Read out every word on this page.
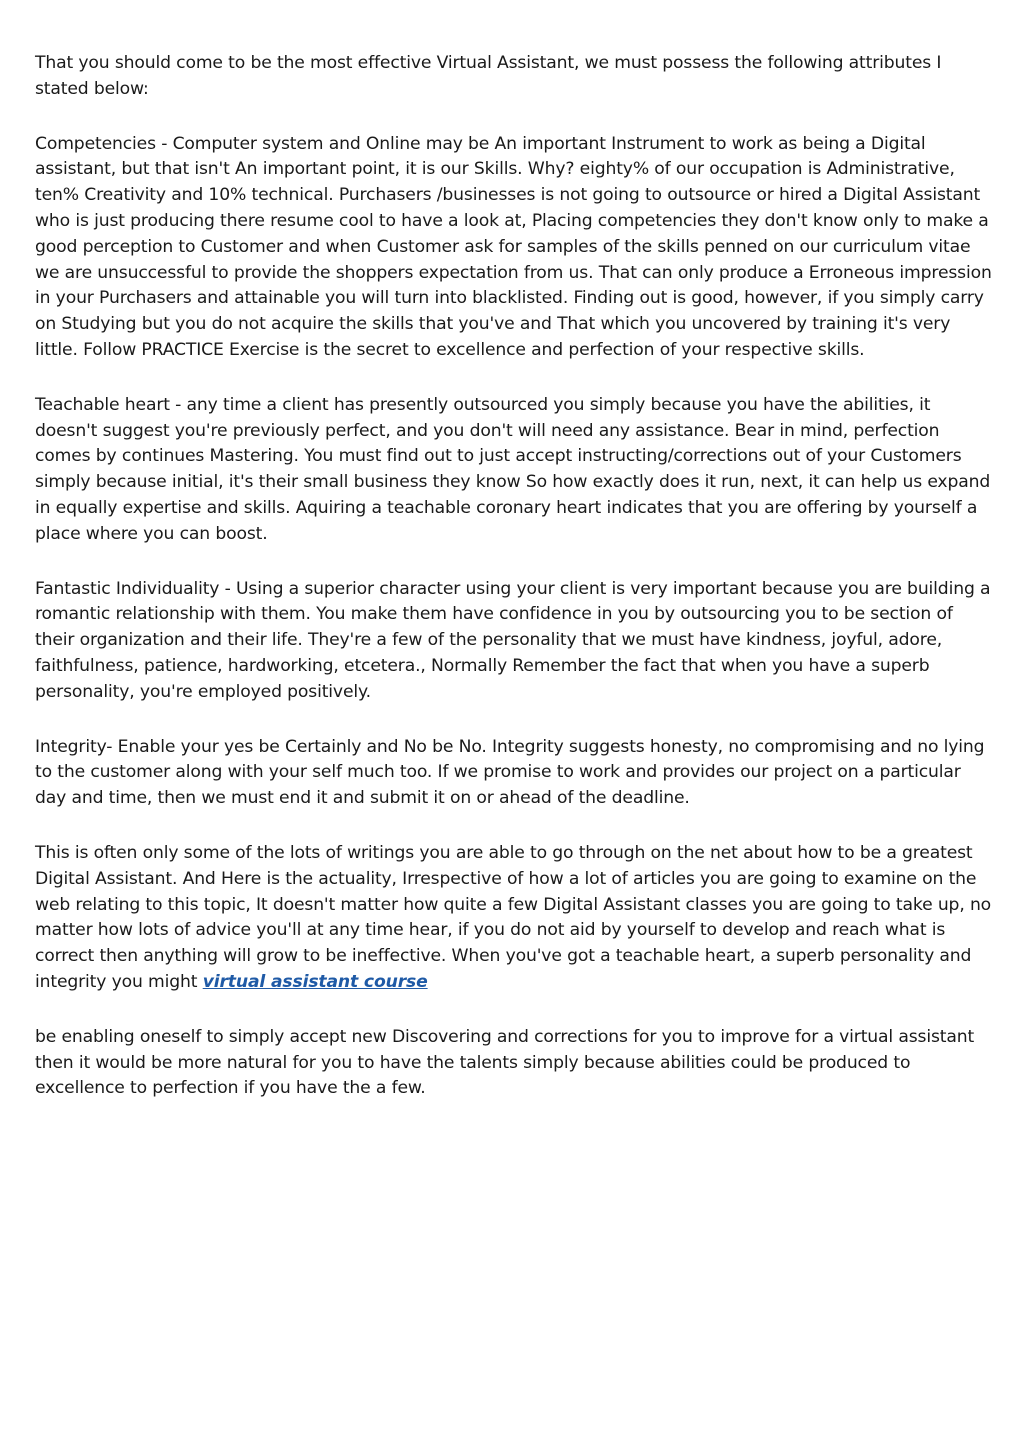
That you should come to be the most effective Virtual Assistant, we must possess the following attributes I stated below:

Competencies - Computer system and Online may be An important Instrument to work as being a Digital assistant, but that isn't An important point, it is our Skills. Why? eighty% of our occupation is Administrative, ten% Creativity and 10% technical. Purchasers /businesses is not going to outsource or hired a Digital Assistant who is just producing there resume cool to have a look at, Placing competencies they don't know only to make a good perception to Customer and when Customer ask for samples of the skills penned on our curriculum vitae we are unsuccessful to provide the shoppers expectation from us. That can only produce a Erroneous impression in your Purchasers and attainable you will turn into blacklisted. Finding out is good, however, if you simply carry on Studying but you do not acquire the skills that you've and That which you uncovered by training it's very little. Follow PRACTICE Exercise is the secret to excellence and perfection of your respective skills.

Teachable heart - any time a client has presently outsourced you simply because you have the abilities, it doesn't suggest you're previously perfect, and you don't will need any assistance. Bear in mind, perfection comes by continues Mastering. You must find out to just accept instructing/corrections out of your Customers simply because initial, it's their small business they know So how exactly does it run, next, it can help us expand in equally expertise and skills. Aquiring a teachable coronary heart indicates that you are offering by yourself a place where you can boost.

Fantastic Individuality - Using a superior character using your client is very important because you are building a romantic relationship with them. You make them have confidence in you by outsourcing you to be section of their organization and their life. They're a few of the personality that we must have kindness, joyful, adore, faithfulness, patience, hardworking, etcetera., Normally Remember the fact that when you have a superb personality, you're employed positively.

Integrity- Enable your yes be Certainly and No be No. Integrity suggests honesty, no compromising and no lying to the customer along with your self much too. If we promise to work and provides our project on a particular day and time, then we must end it and submit it on or ahead of the deadline.

This is often only some of the lots of writings you are able to go through on the net about how to be a greatest Digital Assistant. And Here is the actuality, Irrespective of how a lot of articles you are going to examine on the web relating to this topic, It doesn't matter how quite a few Digital Assistant classes you are going to take up, no matter how lots of advice you'll at any time hear, if you do not aid by yourself to develop and reach what is correct then anything will grow to be ineffective. When you've got a teachable heart, a superb personality and integrity you might virtual assistant course

be enabling oneself to simply accept new Discovering and corrections for you to improve for a virtual assistant then it would be more natural for you to have the talents simply because abilities could be produced to excellence to perfection if you have the a few.
